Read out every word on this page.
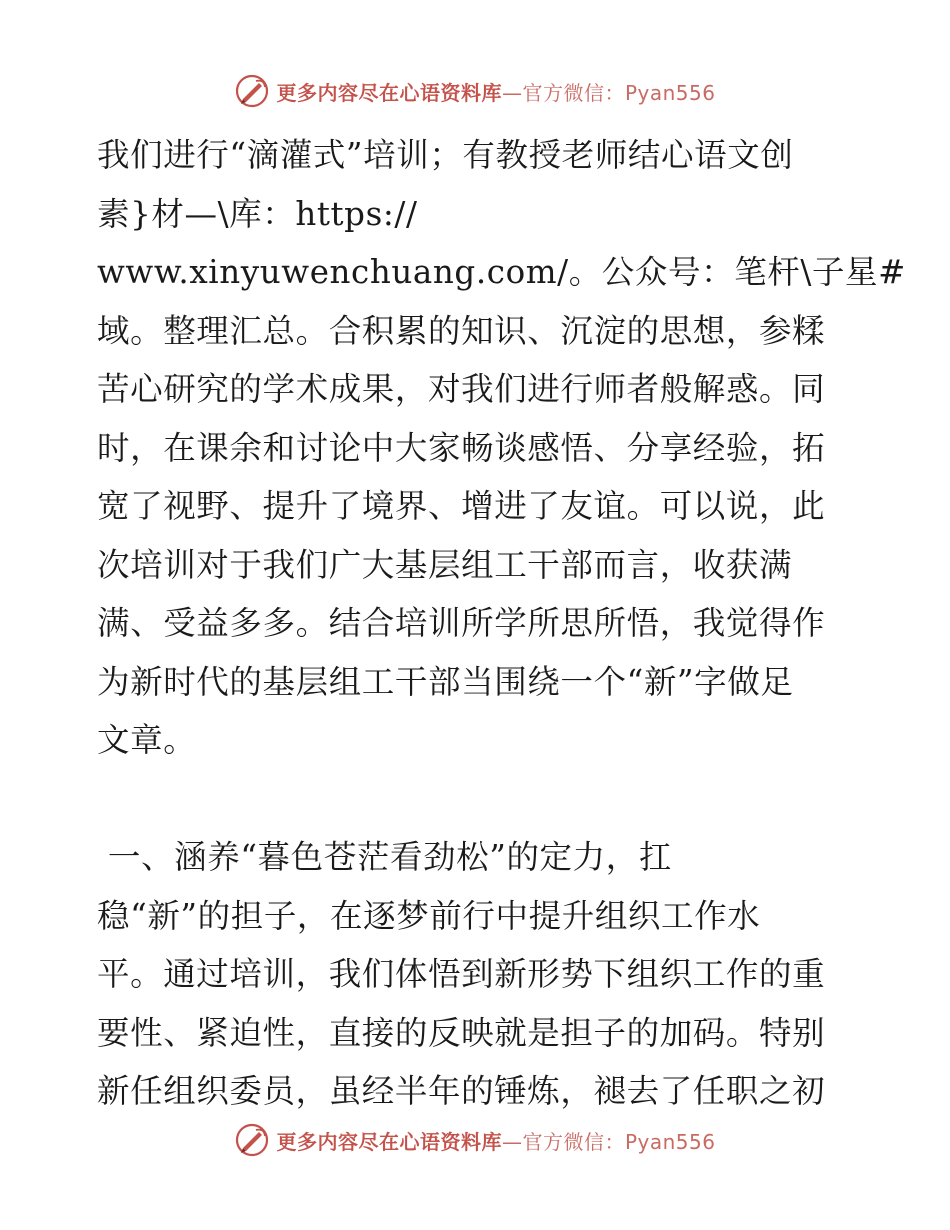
更多内容尽在心语资料库—官方微信：Pyan556
我们进行“滴灌式”培训；有教授老师结心语文创
素}材—\库：https://
www.xinyuwenchuang.com/。公众号：笔杆\子星#
域。整理汇总。合积累的知识、沉淀的思想，参糅
苦心研究的学术成果，对我们进行师者般解惑。同
时，在课余和讨论中大家畅谈感悟、分享经验，拓
宽了视野、提升了境界、增进了友谊。可以说，此
次培训对于我们广大基层组工干部而言，收获满
满、受益多多。结合培训所学所思所悟，我觉得作
为新时代的基层组工干部当围绕一个“新”字做足
文章。
一、涵养“暮色苍茫看劲松”的定力，扛
稳“新”的担子，在逐梦前行中提升组织工作水
平。通过培训，我们体悟到新形势下组织工作的重
要性、紧迫性，直接的反映就是担子的加码。特别
新任组织委员，虽经半年的锤炼，褪去了任职之初
更多内容尽在心语资料库—官方微信：Pyan556
